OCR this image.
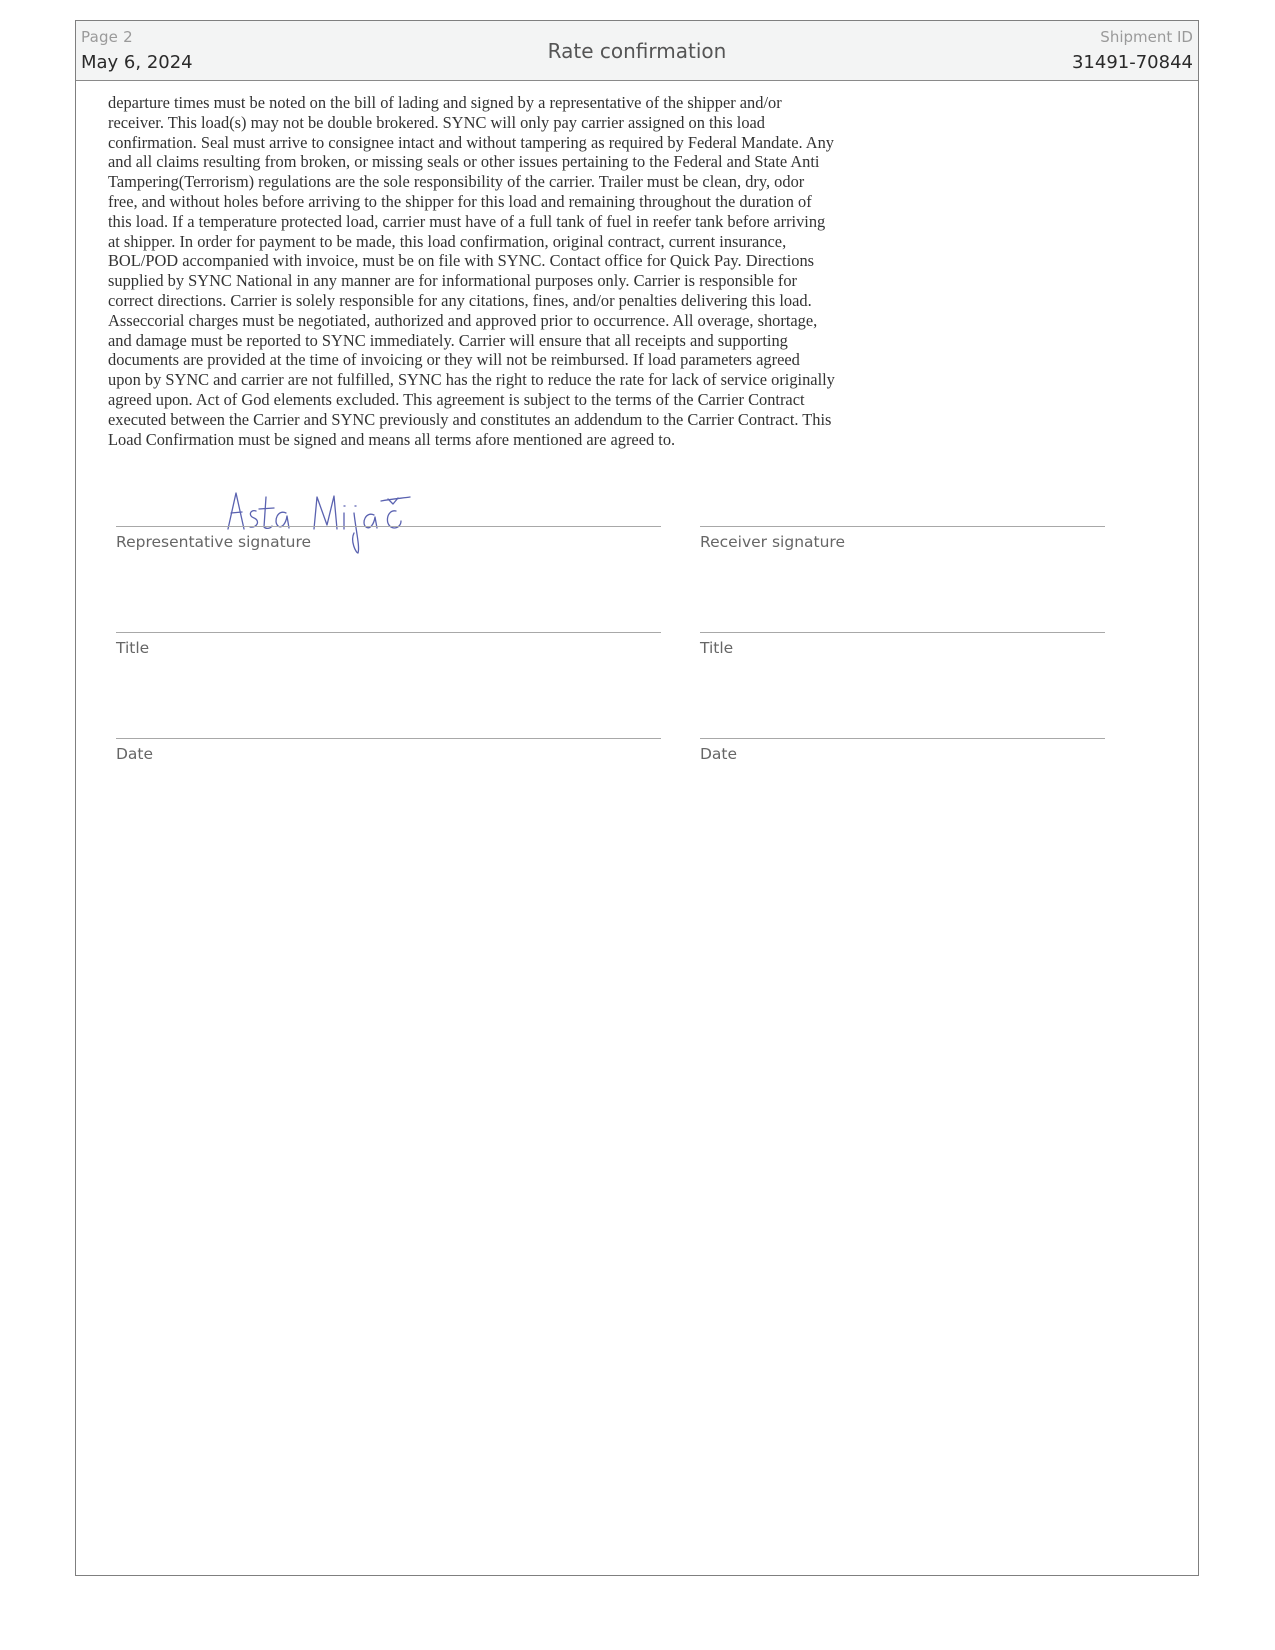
Page 2
May 6, 2024	Rate confirmation
Shipment ID
31491-70844
departure times must be noted on the bill of lading and signed by a representative of the shipper and/or
receiver. This load(s) may not be double brokered. SYNC will only pay carrier assigned on this load
confirmation. Seal must arrive to consignee intact and without tampering as required by Federal Mandate. Any
and all claims resulting from broken, or missing seals or other issues pertaining to the Federal and State Anti
Tampering(Terrorism) regulations are the sole responsibility of the carrier. Trailer must be clean, dry, odor
free, and without holes before arriving to the shipper for this load and remaining throughout the duration of
this load. If a temperature protected load, carrier must have of a full tank of fuel in reefer tank before arriving
at shipper. In order for payment to be made, this load confirmation, original contract, current insurance,
BOL/POD accompanied with invoice, must be on file with SYNC. Contact office for Quick Pay. Directions
supplied by SYNC National in any manner are for informational purposes only. Carrier is responsible for
correct directions. Carrier is solely responsible for any citations, fines, and/or penalties delivering this load.
Asseccorial charges must be negotiated, authorized and approved prior to occurrence. All overage, shortage,
and damage must be reported to SYNC immediately. Carrier will ensure that all receipts and supporting
documents are provided at the time of invoicing or they will not be reimbursed. If load parameters agreed
upon by SYNC and carrier are not fulfilled, SYNC has the right to reduce the rate for lack of service originally
agreed upon. Act of God elements excluded. This agreement is subject to the terms of the Carrier Contract
executed between the Carrier and SYNC previously and constitutes an addendum to the Carrier Contract. This
Load Confirmation must be signed and means all terms afore mentioned are agreed to.
Representative signature	Receiver signature
Title	Title
Date	Date
